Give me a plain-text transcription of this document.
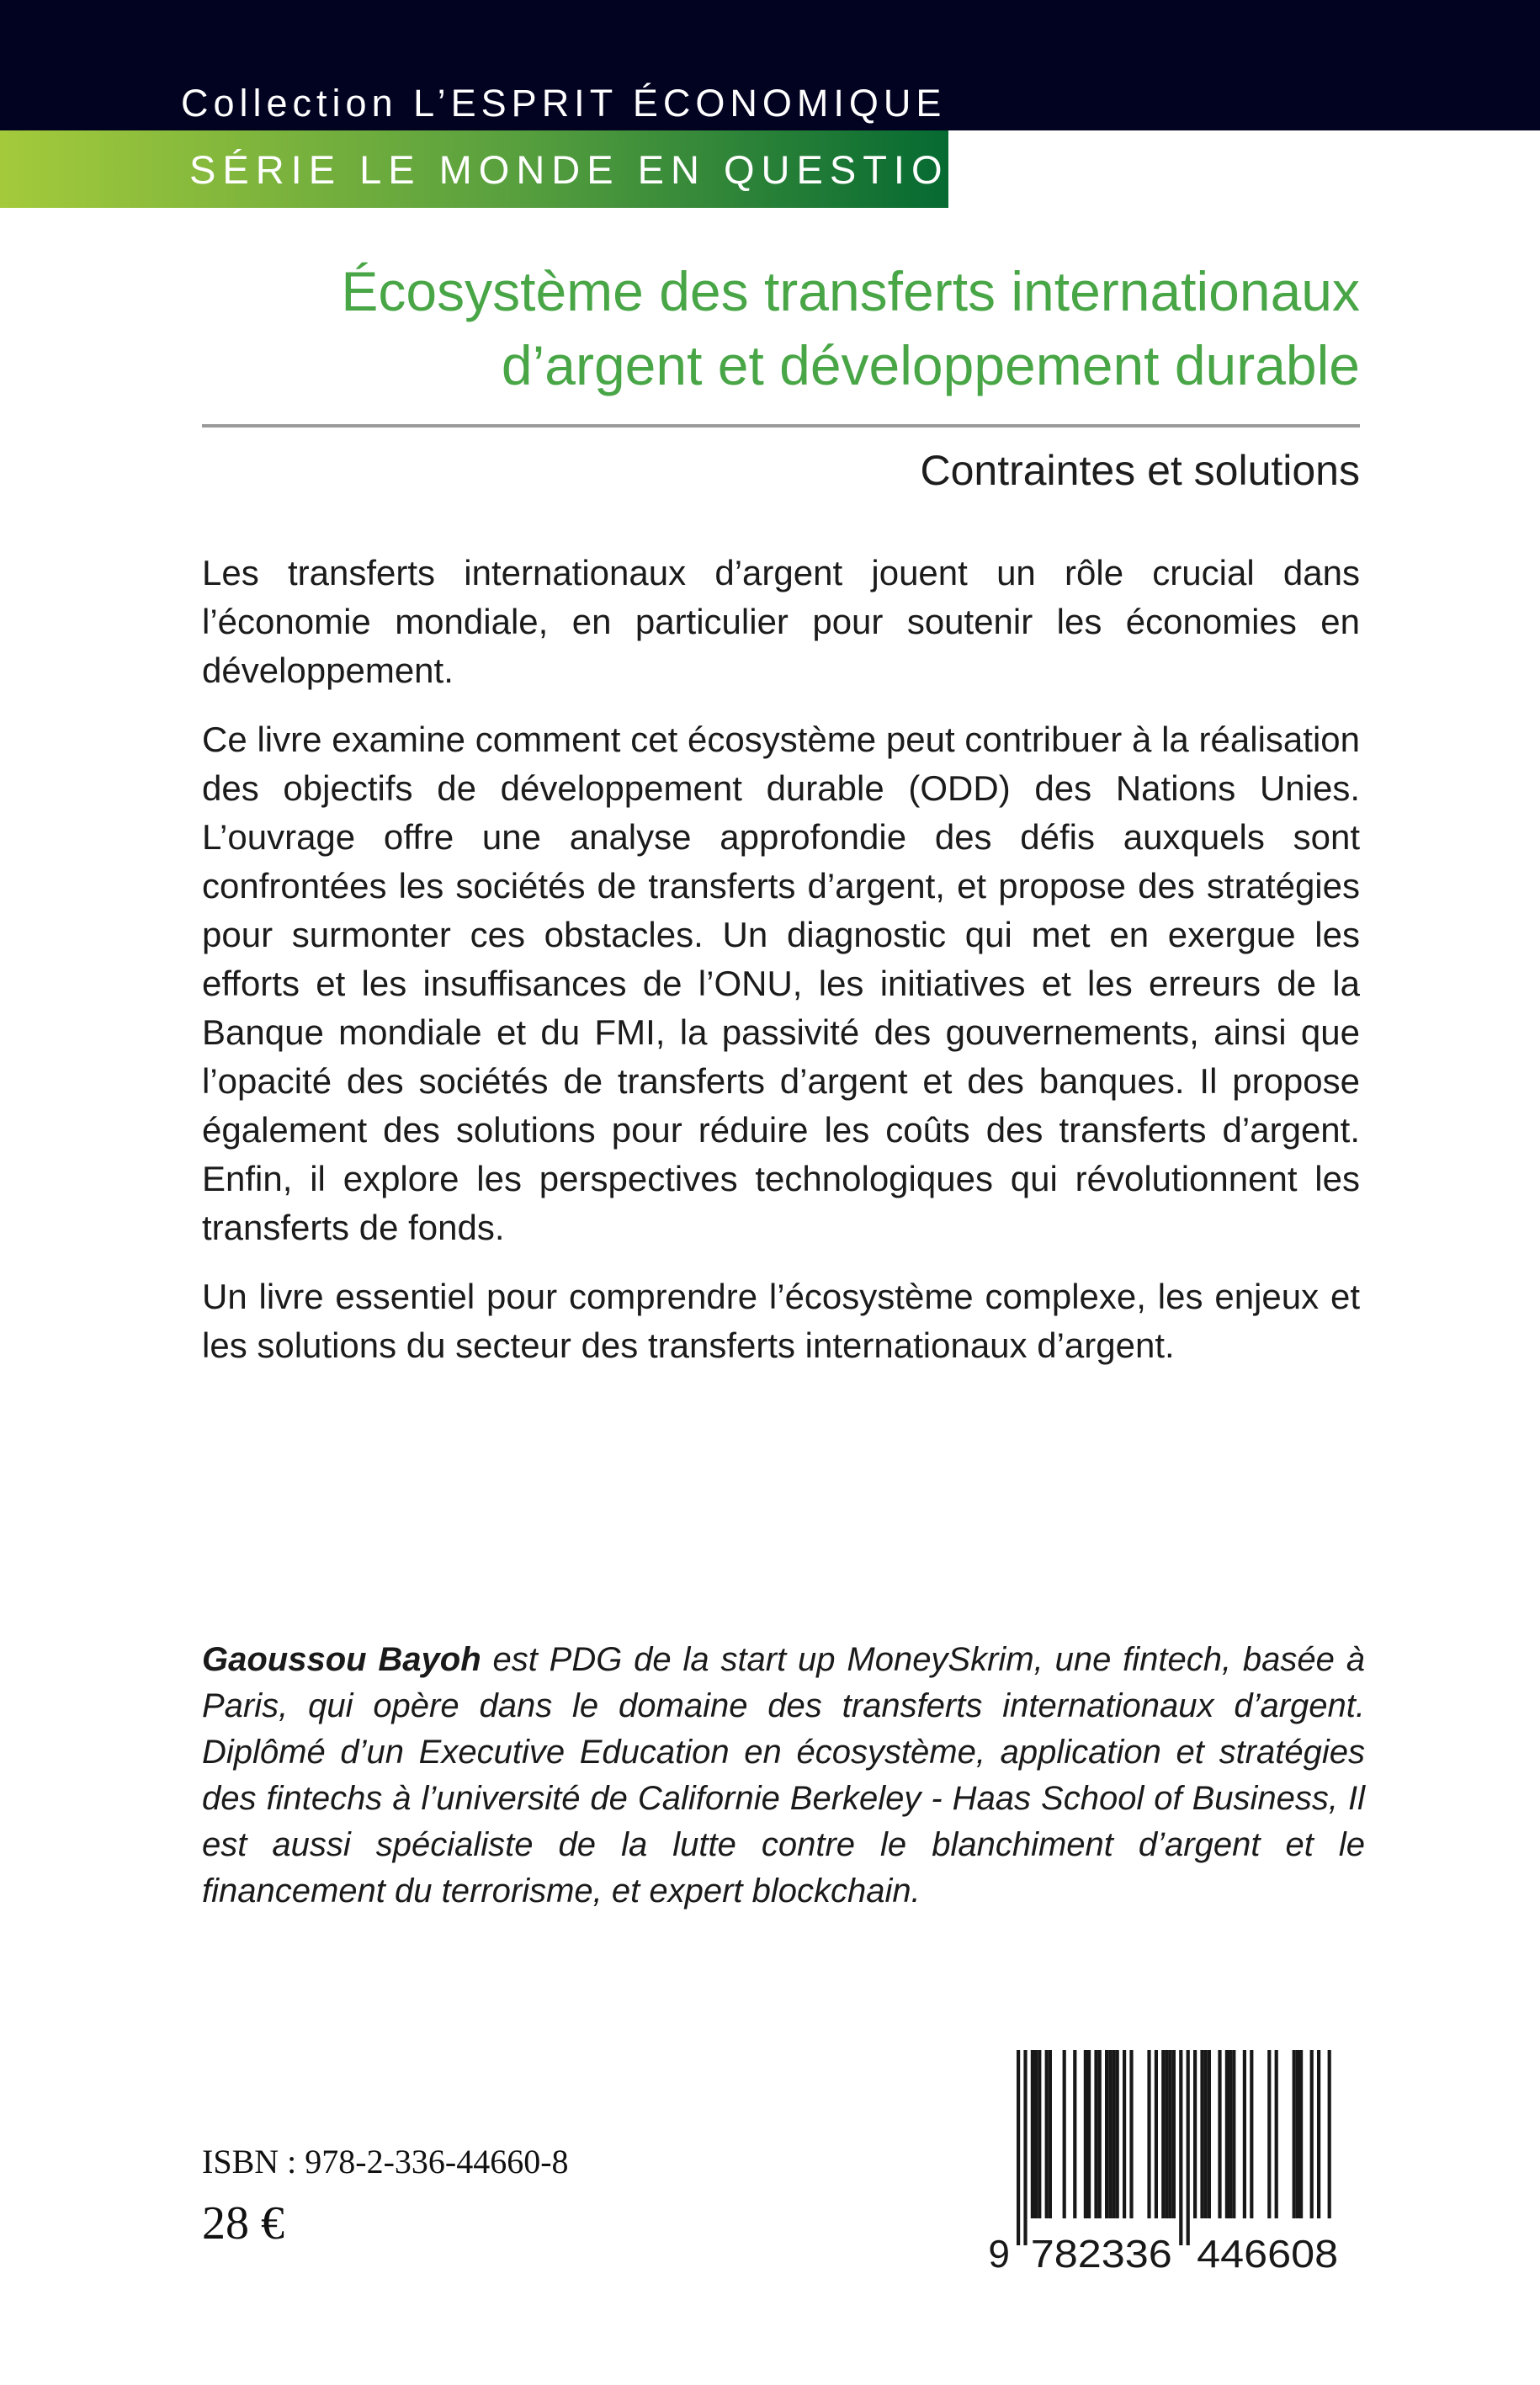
Collection L’ESPRIT ÉCONOMIQUE
SÉRIE LE MONDE EN QUESTION
Écosystème des transferts internationaux
d’argent et développement durable

Contraintes et solutions

Les transferts internationaux d’argent jouent un rôle crucial dans l’économie mondiale, en particulier pour soutenir les économies en développement.

Ce livre examine comment cet écosystème peut contribuer à la réalisation des objectifs de développement durable (ODD) des Nations Unies. L’ouvrage offre une analyse approfondie des défis auxquels sont confrontées les sociétés de transferts d’argent, et propose des stratégies pour surmonter ces obstacles. Un diagnostic qui met en exergue les efforts et les insuffisances de l’ONU, les initiatives et les erreurs de la Banque mondiale et du FMI, la passivité des gouvernements, ainsi que l’opacité des sociétés de transferts d’argent et des banques. Il propose également des solutions pour réduire les coûts des transferts d’argent. Enfin, il explore les perspectives technologiques qui révolutionnent les transferts de fonds.

Un livre essentiel pour comprendre l’écosystème complexe, les enjeux et les solutions du secteur des transferts internationaux d’argent.

Gaoussou Bayoh est PDG de la start up MoneySkrim, une fintech, basée à Paris, qui opère dans le domaine des transferts internationaux d’argent. Diplômé d’un Executive Education en écosystème, application et stratégies des fintechs à l’université de Californie Berkeley - Haas School of Business, Il est aussi spécialiste de la lutte contre le blanchiment d’argent et le financement du terrorisme, et expert blockchain.

ISBN : 978-2-336-44660-8

28 €

9 782336 446608
